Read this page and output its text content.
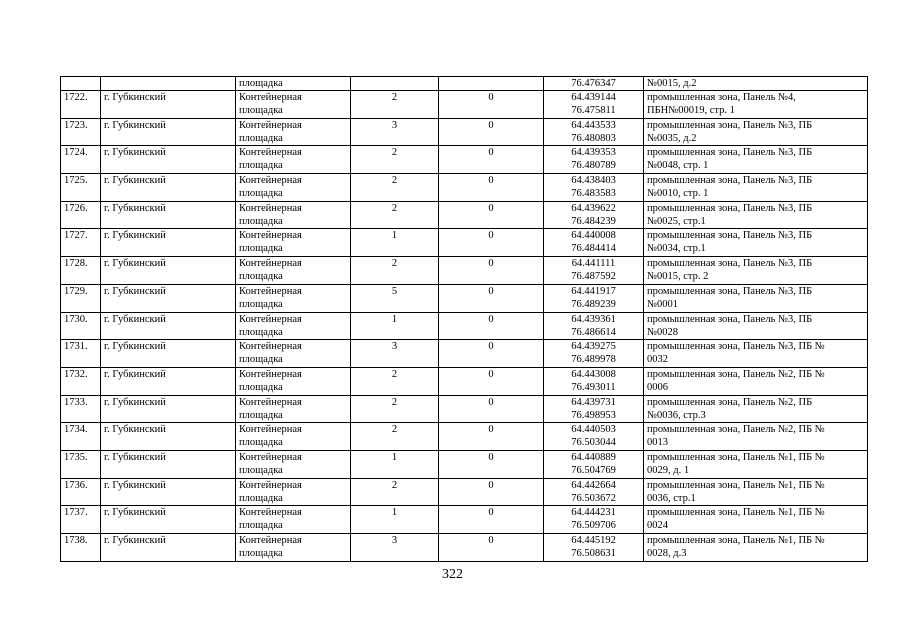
		площадка			76.476347	№0015, д.2

1722.	г. Губкинский	Контейнерная
площадка	2	0	64.439144
76.475811	промышленная зона, Панель №4,
ПБН№00019, стр. 1

1723.	г. Губкинский	Контейнерная
площадка	3	0	64.443533
76.480803	промышленная зона, Панель №3, ПБ
№0035, д.2

1724.	г. Губкинский	Контейнерная
площадка	2	0	64.439353
76.480789	промышленная зона, Панель №3, ПБ
№0048, стр. 1

1725.	г. Губкинский	Контейнерная
площадка	2	0	64.438403
76.483583	промышленная зона, Панель №3, ПБ
№0010, стр. 1

1726.	г. Губкинский	Контейнерная
площадка	2	0	64.439622
76.484239	промышленная зона, Панель №3, ПБ
№0025, стр.1

1727.	г. Губкинский	Контейнерная
площадка	1	0	64.440008
76.484414	промышленная зона, Панель №3, ПБ
№0034, стр.1

1728.	г. Губкинский	Контейнерная
площадка	2	0	64.441111
76.487592	промышленная зона, Панель №3, ПБ
№0015, стр. 2

1729.	г. Губкинский	Контейнерная
площадка	5	0	64.441917
76.489239	промышленная зона, Панель №3, ПБ
№0001

1730.	г. Губкинский	Контейнерная
площадка	1	0	64.439361
76.486614	промышленная зона, Панель №3, ПБ
№0028

1731.	г. Губкинский	Контейнерная
площадка	3	0	64.439275
76.489978	промышленная зона, Панель №3, ПБ №
0032

1732.	г. Губкинский	Контейнерная
площадка	2	0	64.443008
76.493011	промышленная зона, Панель №2, ПБ №
0006

1733.	г. Губкинский	Контейнерная
площадка	2	0	64.439731
76.498953	промышленная зона, Панель №2, ПБ
№0036, стр.3

1734.	г. Губкинский	Контейнерная
площадка	2	0	64.440503
76.503044	промышленная зона, Панель №2, ПБ №
0013

1735.	г. Губкинский	Контейнерная
площадка	1	0	64.440889
76.504769	промышленная зона, Панель №1, ПБ №
0029, д. 1

1736.	г. Губкинский	Контейнерная
площадка	2	0	64.442664
76.503672	промышленная зона, Панель №1, ПБ №
0036, стр.1

1737.	г. Губкинский	Контейнерная
площадка	1	0	64.444231
76.509706	промышленная зона, Панель №1, ПБ №
0024

1738.	г. Губкинский	Контейнерная
площадка	3	0	64.445192
76.508631	промышленная зона, Панель №1, ПБ №
0028, д.3
322
